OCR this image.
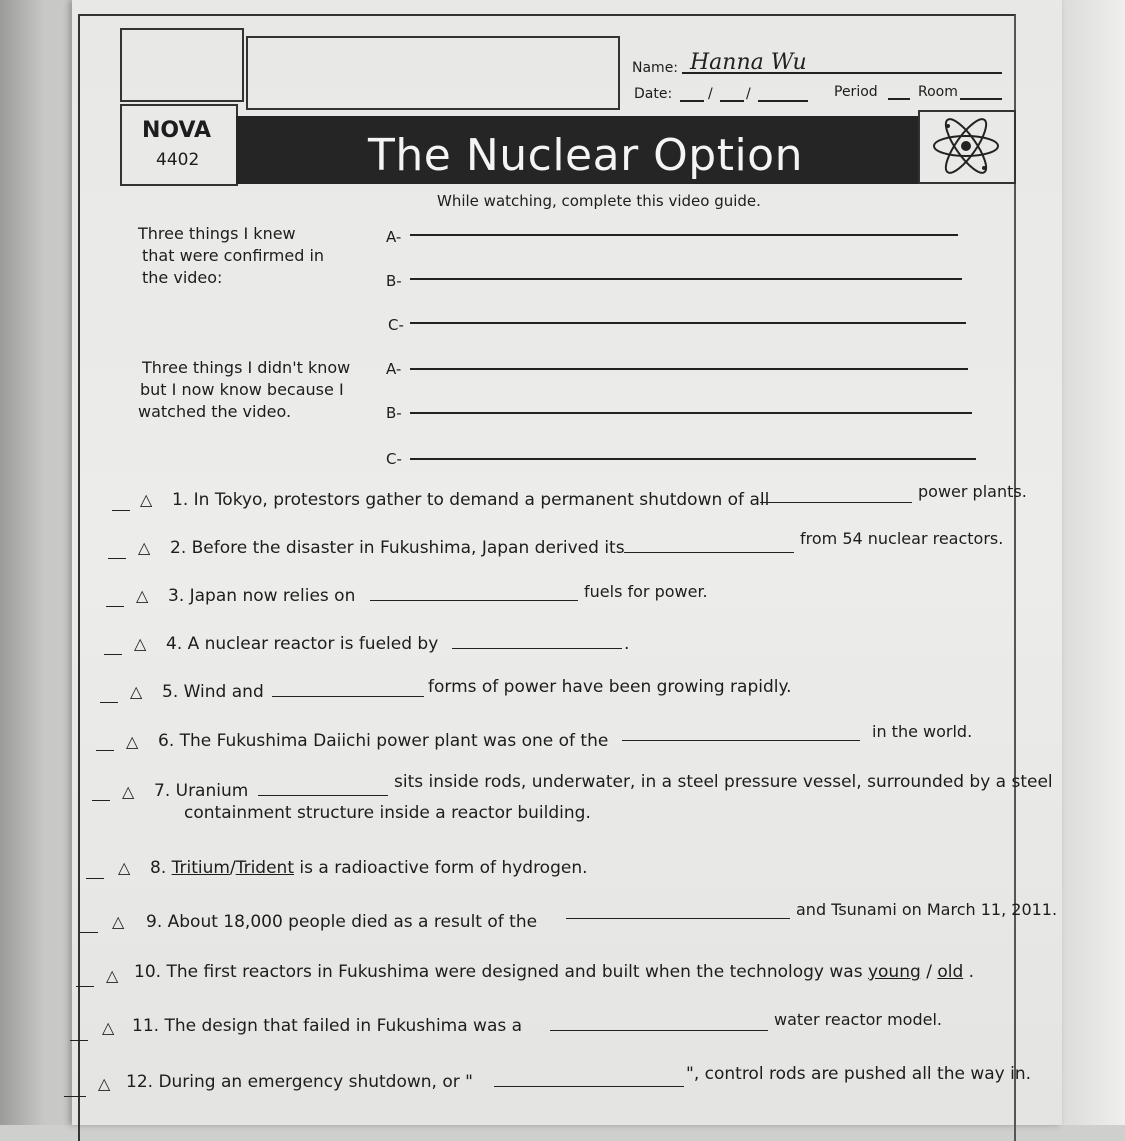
Name: Hanna Wu
Date:	/ /	Period	Room
NOVA
4402	The Nuclear Option
While watching, complete this video guide.
Three things I knew
that were confirmed in
the video:
A-
B-
C-
Three things I didn't know
but I now know because I
watched the video.
A-
B-
C-
△ 1. In Tokyo, protestors gather to demand a permanent shutdown of all	power plants.
△ 2. Before the disaster in Fukushima, Japan derived its	from 54 nuclear reactors.
△ 3. Japan now relies on	fuels for power.
△ 4. A nuclear reactor is fueled by	.
△ 5. Wind and	forms of power have been growing rapidly.
△ 6. The Fukushima Daiichi power plant was one of the	in the world.
△ 7. Uranium	sits inside rods, underwater, in a steel pressure vessel, surrounded by a steel
containment structure inside a reactor building.
△ 8. Tritium/Trident is a radioactive form of hydrogen.
△ 9. About 18,000 people died as a result of the
and Tsunami on March 11, 2011.
△ 10. The first reactors in Fukushima were designed and built when the technology was young / old .
△ 11. The design that failed in Fukushima was a	water reactor model.
△ 12. During an emergency shutdown, or "	", control rods are pushed all the way in.
